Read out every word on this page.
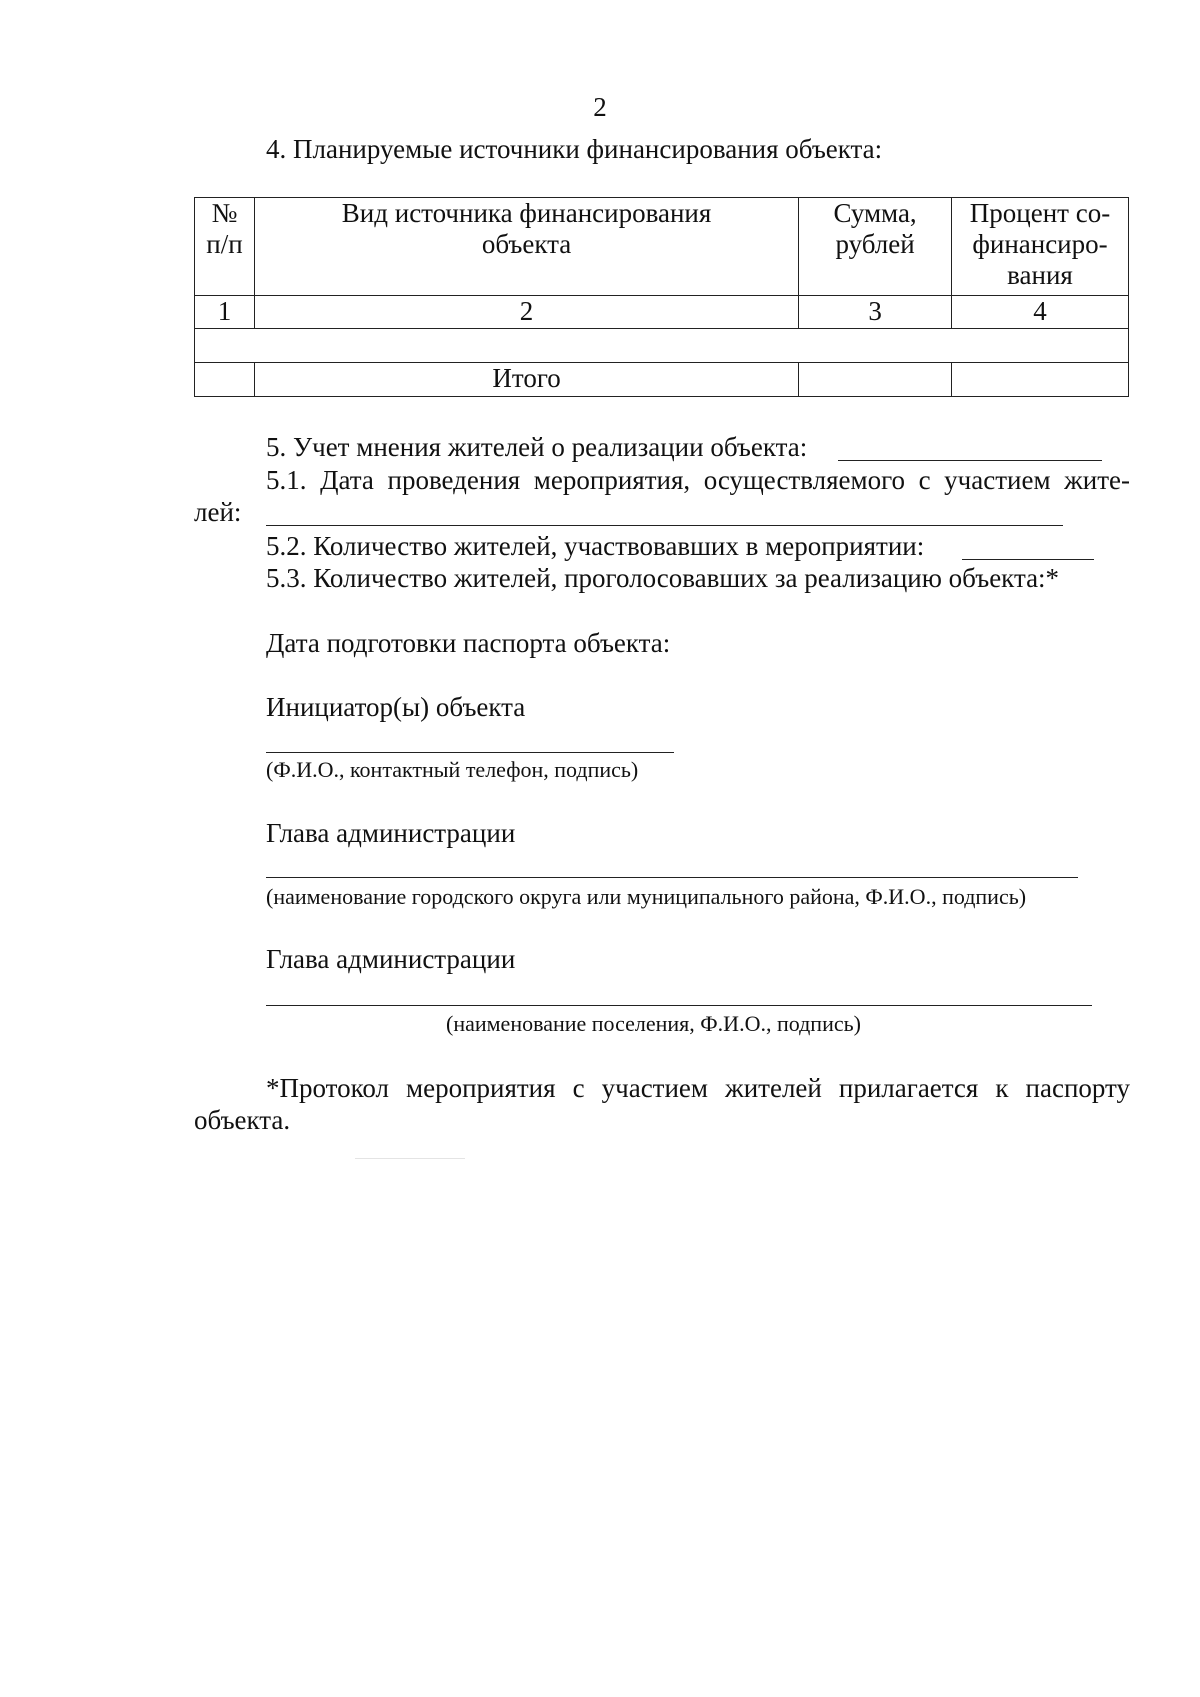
2
4. Планируемые источники финансирования объекта:
№ п/п	Вид источника финансирования объекта	Сумма, рублей	Процент со-финансиро-вания

1	2	3	4

	Итого		
5. Учет мнения жителей о реализации объекта:
5.1. Дата проведения мероприятия, осуществляемого с участием жите-
лей:
5.2. Количество жителей, участвовавших в мероприятии:
5.3. Количество жителей, проголосовавших за реализацию объекта:*
Дата подготовки паспорта объекта:
Инициатор(ы) объекта
(Ф.И.О., контактный телефон, подпись)
Глава администрации
(наименование городского округа или муниципального района, Ф.И.О., подпись)
Глава администрации
(наименование поселения, Ф.И.О., подпись)
*Протокол мероприятия с участием жителей прилагается к паспорту
объекта.
